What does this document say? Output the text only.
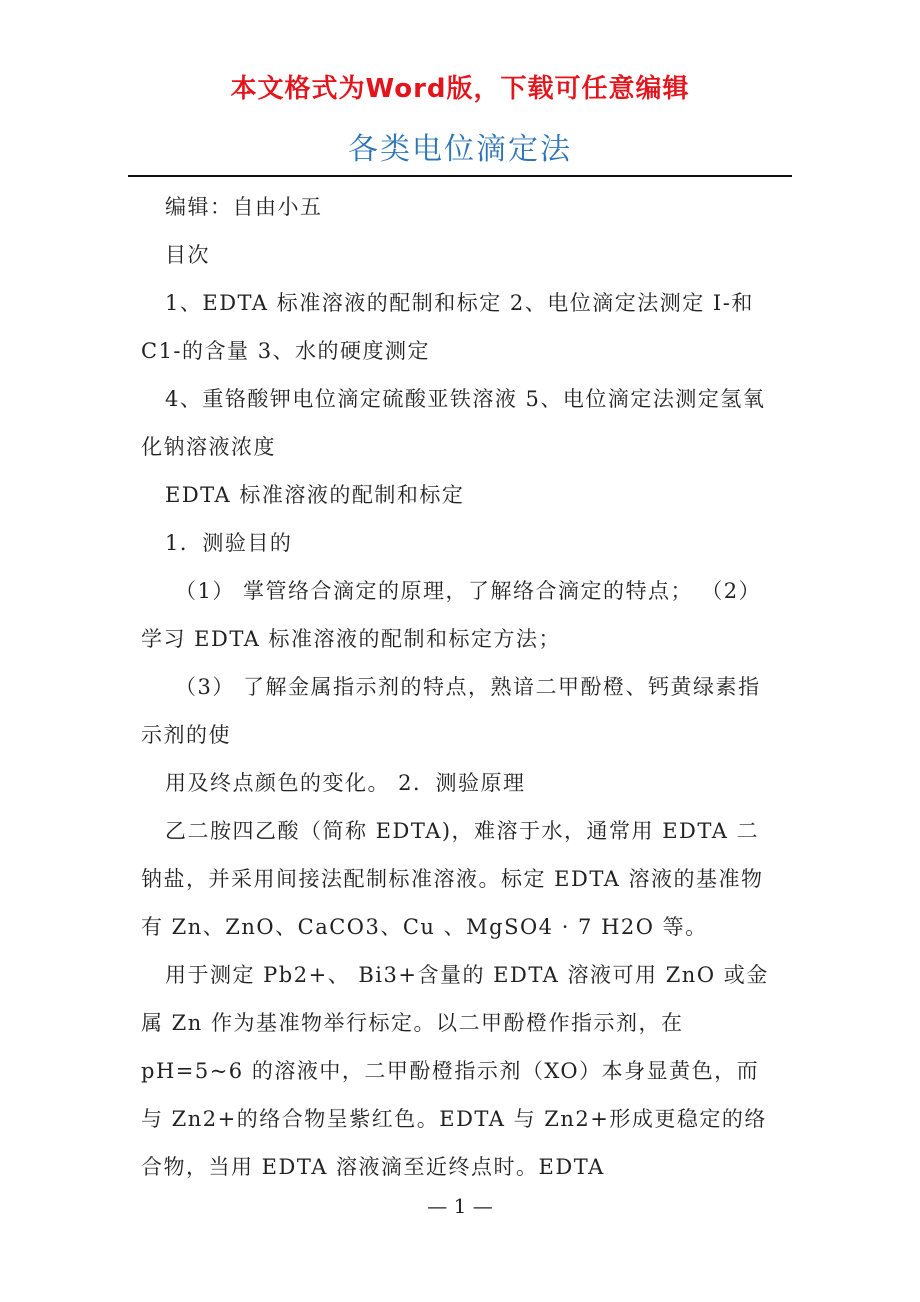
本文格式为Word版，下载可任意编辑
各类电位滴定法

编辑：自由小五

目次

1、EDTA 标准溶液的配制和标定 2、电位滴定法测定 I-和 C1-的含量 3、水的硬度测定

4、重铬酸钾电位滴定硫酸亚铁溶液 5、电位滴定法测定氢氧化钠溶液浓度

EDTA 标准溶液的配制和标定

1．测验目的

（1） 掌管络合滴定的原理，了解络合滴定的特点； （2）学习 EDTA 标准溶液的配制和标定方法；

（3） 了解金属指示剂的特点，熟谙二甲酚橙、钙黄绿素指示剂的使

用及终点颜色的变化。 2．测验原理

乙二胺四乙酸（简称 EDTA)，难溶于水，通常用 EDTA 二钠盐，并采用间接法配制标准溶液。标定 EDTA 溶液的基准物有 Zn、ZnO、CaCO3、Cu 、MgSO4 · 7 H2O 等。

用于测定 Pb2+、 Bi3+含量的 EDTA 溶液可用 ZnO 或金属 Zn 作为基准物举行标定。以二甲酚橙作指示剂，在 pH=5~6 的溶液中，二甲酚橙指示剂（XO）本身显黄色，而与 Zn2+的络合物呈紫红色。EDTA 与 Zn2+形成更稳定的络合物，当用 EDTA 溶液滴至近终点时。EDTA

— 1 —
